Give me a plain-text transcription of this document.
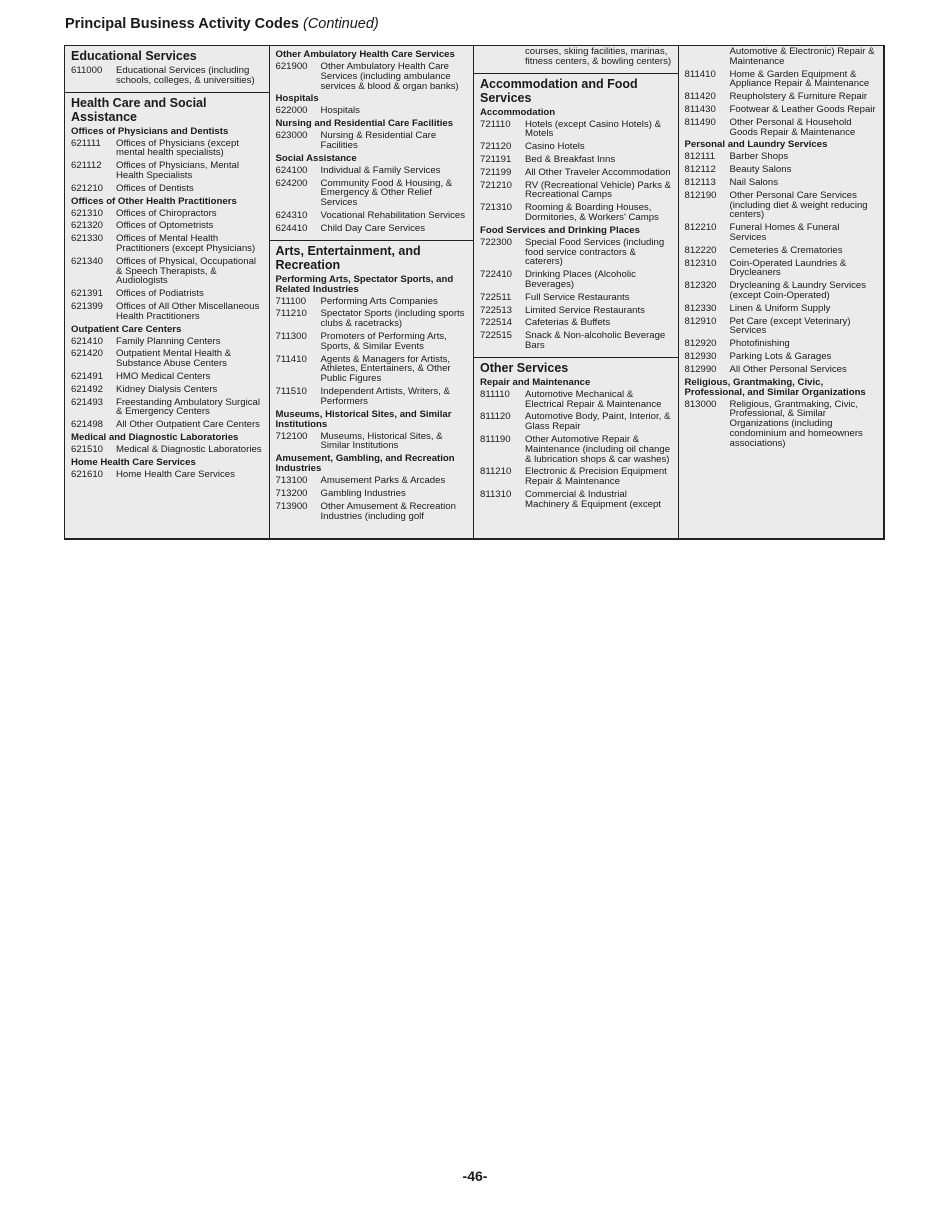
Principal Business Activity Codes (Continued)
Educational Services
611000	Educational Services (including schools, colleges, & universities)
Health Care and Social Assistance
Offices of Physicians and Dentists
621111	Offices of Physicians (except mental health specialists)
621112	Offices of Physicians, Mental Health Specialists
621210	Offices of Dentists
Offices of Other Health Practitioners
621310	Offices of Chiropractors
621320	Offices of Optometrists
621330	Offices of Mental Health Practitioners (except Physicians)
621340	Offices of Physical, Occupational & Speech Therapists, & Audiologists
621391	Offices of Podiatrists
621399	Offices of All Other Miscellaneous Health Practitioners
Outpatient Care Centers
621410	Family Planning Centers
621420	Outpatient Mental Health & Substance Abuse Centers
621491	HMO Medical Centers
621492	Kidney Dialysis Centers
621493	Freestanding Ambulatory Surgical & Emergency Centers
621498	All Other Outpatient Care Centers
Medical and Diagnostic Laboratories
621510	Medical & Diagnostic Laboratories
Home Health Care Services
621610	Home Health Care Services
Other Ambulatory Health Care Services
621900	Other Ambulatory Health Care Services (including ambulance services & blood & organ banks)
Hospitals
622000	Hospitals
Nursing and Residential Care Facilities
623000	Nursing & Residential Care Facilities
Social Assistance
624100	Individual & Family Services
624200	Community Food & Housing, & Emergency & Other Relief Services
624310	Vocational Rehabilitation Services
624410	Child Day Care Services
Arts, Entertainment, and Recreation
Performing Arts, Spectator Sports, and Related Industries
711100	Performing Arts Companies
711210	Spectator Sports (including sports clubs & racetracks)
711300	Promoters of Performing Arts, Sports, & Similar Events
711410	Agents & Managers for Artists, Athletes, Entertainers, & Other Public Figures
711510	Independent Artists, Writers, & Performers
Museums, Historical Sites, and Similar Institutions
712100	Museums, Historical Sites, & Similar Institutions
Amusement, Gambling, and Recreation Industries
713100	Amusement Parks & Arcades
713200	Gambling Industries
713900	Other Amusement & Recreation Industries (including golf
courses, skiing facilities, marinas, fitness centers, & bowling centers)
Accommodation and Food Services
Accommodation
721110	Hotels (except Casino Hotels) & Motels
721120	Casino Hotels
721191	Bed & Breakfast Inns
721199	All Other Traveler Accommodation
721210	RV (Recreational Vehicle) Parks & Recreational Camps
721310	Rooming & Boarding Houses, Dormitories, & Workers' Camps
Food Services and Drinking Places
722300	Special Food Services (including food service contractors & caterers)
722410	Drinking Places (Alcoholic Beverages)
722511	Full Service Restaurants
722513	Limited Service Restaurants
722514	Cafeterias & Buffets
722515	Snack & Non-alcoholic Beverage Bars
Other Services
Repair and Maintenance
811110	Automotive Mechanical & Electrical Repair & Maintenance
811120	Automotive Body, Paint, Interior, & Glass Repair
811190	Other Automotive Repair & Maintenance (including oil change & lubrication shops & car washes)
811210	Electronic & Precision Equipment Repair & Maintenance
811310	Commercial & Industrial Machinery & Equipment (except
Automotive & Electronic) Repair & Maintenance
811410	Home & Garden Equipment & Appliance Repair & Maintenance
811420	Reupholstery & Furniture Repair
811430	Footwear & Leather Goods Repair
811490	Other Personal & Household Goods Repair & Maintenance
Personal and Laundry Services
812111	Barber Shops
812112	Beauty Salons
812113	Nail Salons
812190	Other Personal Care Services (including diet & weight reducing centers)
812210	Funeral Homes & Funeral Services
812220	Cemeteries & Crematories
812310	Coin-Operated Laundries & Drycleaners
812320	Drycleaning & Laundry Services (except Coin-Operated)
812330	Linen & Uniform Supply
812910	Pet Care (except Veterinary) Services
812920	Photofinishing
812930	Parking Lots & Garages
812990	All Other Personal Services
Religious, Grantmaking, Civic, Professional, and Similar Organizations
813000	Religious, Grantmaking, Civic, Professional, & Similar Organizations (including condominium and homeowners associations)
-46-
